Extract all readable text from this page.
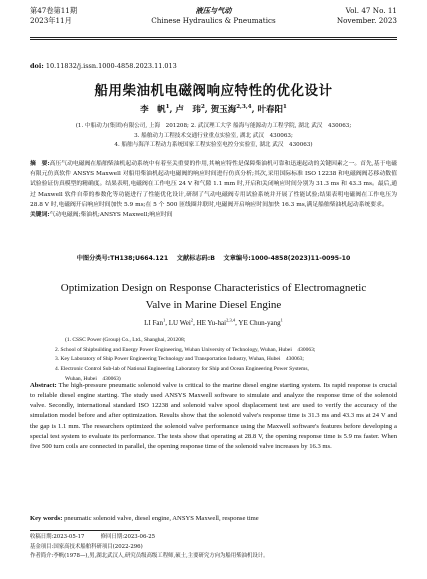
第47卷第11期
2023年11月
液压与气动
Chinese Hydraulics & Pneumatics
Vol. 47 No. 11
November. 2023
doi: 10.11832/j.issn.1000-4858.2023.11.013
船用柴油机电磁阀响应特性的优化设计
李　帆$^1$, 卢　玮$^2$, 贺玉海$^{2,3,4}$, 叶春阳$^1$
(1. 中船动力(集团)有限公司, 上海　201208; 2. 武汉理工大学 船海与能源动力工程学院, 湖北 武汉　430063;
3. 船舶动力工程技术交通行业重点实验室, 湖北 武汉　430063;
4. 船舶与海洋工程动力系统国家工程实验室电控分实验室, 湖北 武汉　430063)
摘　要:高压气动电磁阀在船舶柴油机起动系统中有着至关重要的作用,其响应特性是保障柴油机可靠和迅速起动的关键因素之一。首先,基于电磁有限元仿真软件 ANSYS Maxwell 对船用柴油机起动电磁阀的响应时间进行仿真分析;其次,采用国际标准 ISO 12238 和电磁阀阀芯移动数值试验验证仿真模型的精确度。结果表明,电磁阀在工作电压 24 V 和气隙 1.1 mm 时,开启和关闭响应时间分别为 31.3 ms 和 43.3 ms。最后,通过 Maxwell 软件自带的参数化等功能进行了性能优化设计,研制了气动电磁阀专用试验系统并开展了性能试验;结果表明电磁阀在工作电压为 28.8 V 时,电磁阀开启响应时间加快 5.9 ms;在 5 个 500 匝线圈并联时,电磁阀开启响应时间加快 16.3 ms,满足船舶柴油机起动系统要求。
关键词:气动电磁阀;柴油机;ANSYS Maxwell;响应时间
中图分类号:TH138;U664.121 文献标志码:B 文章编号:1000-4858(2023)11-0095-10
Optimization Design on Response Characteristics of Electromagnetic
Valve in Marine Diesel Engine
LI Fan$^1$, LU Wei$^2$, HE Yu-hai$^{2,3,4}$, YE Chun-yang$^1$
(1. CSSC Power (Group) Co., Ltd., Shanghai, 201208;
2. School of Shipbuilding and Energy Power Engineering, Wuhan University of Technology, Wuhan, Hubei　430063;
3. Key Laboratory of Ship Power Engineering Technology and Transportation Industry, Wuhan, Hubei　430063;
4. Electronic Control Sub-lab of National Engineering Laboratory for Ship and Ocean Engineering Power Systems,
Wuhan, Hubei　430063)
Abstract: The high-pressure pneumatic solenoid valve is critical to the marine diesel engine starting system. Its rapid response is crucial to reliable diesel engine starting. The study used ANSYS Maxwell software to simulate and analyze the response time of the solenoid valve. Secondly, international standard ISO 12238 and solenoid valve spool displacement test are used to verify the accuracy of the simulation model before and after optimization. Results show that the solenoid valve's response time is 31.3 ms and 43.3 ms at 24 V and the gap is 1.1 mm. The researchers optimized the solenoid valve performance using the Maxwell software's features before developing a special test system to evaluate its performance. The tests show that operating at 28.8 V, the opening response time is 5.9 ms faster. When five 500 turn coils are connected in parallel, the opening response time of the solenoid valve increases by 16.3 ms.
Key words: pneumatic solenoid valve, diesel engine, ANSYS Maxwell, response time
收稿日期:2023-05-17　　　修回日期:2023-06-25
基金项目:国家高技术船舶科研项目(2022-296)
作者简介:李帆(1978—),男,湖北武汉人,研究员级高级工程师,硕士,主要研究方向为船用柴油机设计。
